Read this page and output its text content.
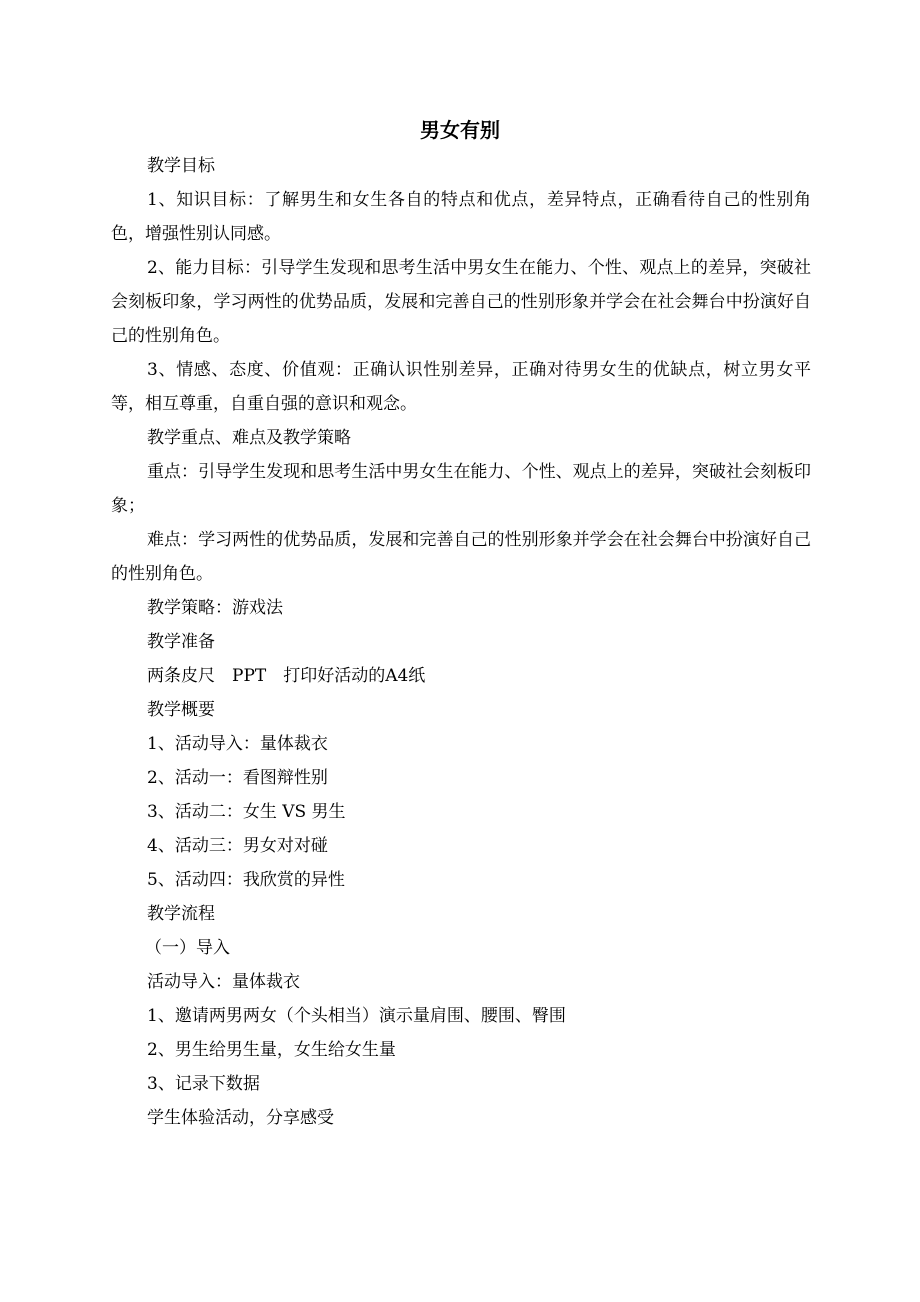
男女有别

教学目标

1、知识目标：了解男生和女生各自的特点和优点，差异特点，正确看待自己的性别角色，增强性别认同感。

2、能力目标：引导学生发现和思考生活中男女生在能力、个性、观点上的差异，突破社会刻板印象，学习两性的优势品质，发展和完善自己的性别形象并学会在社会舞台中扮演好自己的性别角色。

3、情感、态度、价值观：正确认识性别差异，正确对待男女生的优缺点，树立男女平等，相互尊重，自重自强的意识和观念。

教学重点、难点及教学策略

重点：引导学生发现和思考生活中男女生在能力、个性、观点上的差异，突破社会刻板印象；

难点：学习两性的优势品质，发展和完善自己的性别形象并学会在社会舞台中扮演好自己的性别角色。

教学策略：游戏法

教学准备

两条皮尺　PPT　打印好活动的A4纸

教学概要

1、活动导入：量体裁衣

2、活动一：看图辩性别

3、活动二：女生 VS 男生

4、活动三：男女对对碰

5、活动四：我欣赏的异性

教学流程

（一）导入

活动导入：量体裁衣

1、邀请两男两女（个头相当）演示量肩围、腰围、臀围

2、男生给男生量，女生给女生量

3、记录下数据

学生体验活动，分享感受
